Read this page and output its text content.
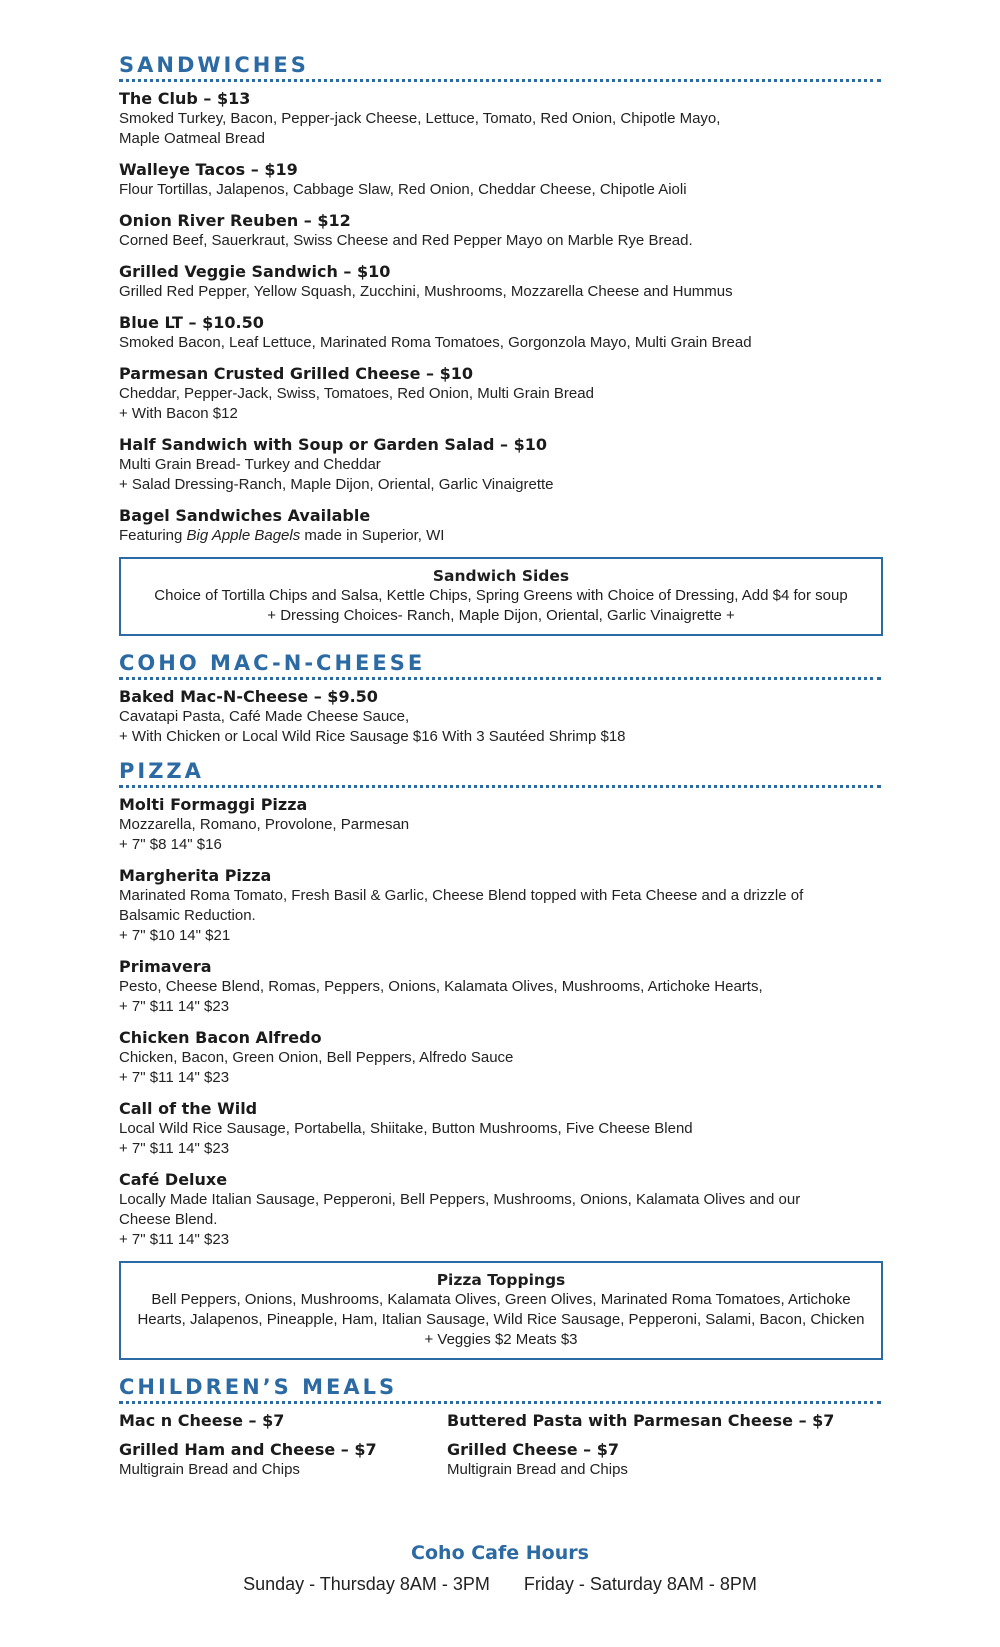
SANDWICHES
The Club – $13
Smoked Turkey, Bacon, Pepper-jack Cheese, Lettuce, Tomato, Red Onion, Chipotle Mayo,
Maple Oatmeal Bread
Walleye Tacos – $19
Flour Tortillas, Jalapenos, Cabbage Slaw, Red Onion, Cheddar Cheese, Chipotle Aioli
Onion River Reuben – $12
Corned Beef, Sauerkraut, Swiss Cheese and Red Pepper Mayo on Marble Rye Bread.
Grilled Veggie Sandwich – $10
Grilled Red Pepper, Yellow Squash, Zucchini, Mushrooms, Mozzarella Cheese and Hummus
Blue LT – $10.50
Smoked Bacon, Leaf Lettuce, Marinated Roma Tomatoes, Gorgonzola Mayo, Multi Grain Bread
Parmesan Crusted Grilled Cheese – $10
Cheddar, Pepper-Jack, Swiss, Tomatoes, Red Onion, Multi Grain Bread
+ With Bacon $12
Half Sandwich with Soup or Garden Salad – $10
Multi Grain Bread- Turkey and Cheddar
+ Salad Dressing-Ranch, Maple Dijon, Oriental, Garlic Vinaigrette
Bagel Sandwiches Available
Featuring Big Apple Bagels made in Superior, WI
Sandwich Sides
Choice of Tortilla Chips and Salsa, Kettle Chips, Spring Greens with Choice of Dressing, Add $4 for soup
+ Dressing Choices- Ranch, Maple Dijon, Oriental, Garlic Vinaigrette +
COHO MAC-N-CHEESE
Baked Mac-N-Cheese – $9.50
Cavatapi Pasta, Café Made Cheese Sauce,
+ With Chicken or Local Wild Rice Sausage $16 With 3 Sautéed Shrimp $18
PIZZA
Molti Formaggi Pizza
Mozzarella, Romano, Provolone, Parmesan
+ 7" $8 14" $16
Margherita Pizza
Marinated Roma Tomato, Fresh Basil & Garlic, Cheese Blend topped with Feta Cheese and a drizzle of
Balsamic Reduction.
+ 7" $10 14" $21
Primavera
Pesto, Cheese Blend, Romas, Peppers, Onions, Kalamata Olives, Mushrooms, Artichoke Hearts,
+ 7" $11 14" $23
Chicken Bacon Alfredo
Chicken, Bacon, Green Onion, Bell Peppers, Alfredo Sauce
+ 7" $11 14" $23
Call of the Wild
Local Wild Rice Sausage, Portabella, Shiitake, Button Mushrooms, Five Cheese Blend
+ 7" $11 14" $23
Café Deluxe
Locally Made Italian Sausage, Pepperoni, Bell Peppers, Mushrooms, Onions, Kalamata Olives and our
Cheese Blend.
+ 7" $11 14" $23
Pizza Toppings
Bell Peppers, Onions, Mushrooms, Kalamata Olives, Green Olives, Marinated Roma Tomatoes, Artichoke
Hearts, Jalapenos, Pineapple, Ham, Italian Sausage, Wild Rice Sausage, Pepperoni, Salami, Bacon, Chicken
+ Veggies $2 Meats $3
CHILDREN’S MEALS
Mac n Cheese – $7
Grilled Ham and Cheese – $7
Multigrain Bread and Chips
Buttered Pasta with Parmesan Cheese – $7
Grilled Cheese – $7
Multigrain Bread and Chips
Coho Cafe Hours
Sunday - Thursday 8AM - 3PM Friday - Saturday 8AM - 8PM
